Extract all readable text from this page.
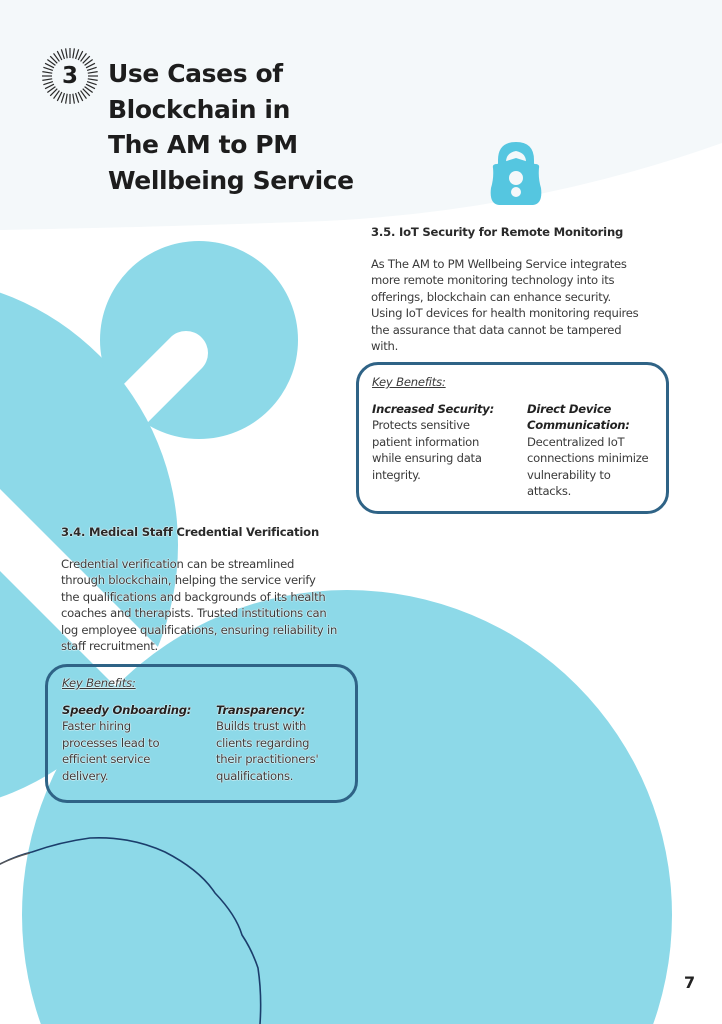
3	Use Cases of
Blockchain in
The AM to PM
Wellbeing Service
3.5. IoT Security for Remote Monitoring

As The AM to PM Wellbeing Service integrates
more remote monitoring technology into its
offerings, blockchain can enhance security.
Using IoT devices for health monitoring requires
the assurance that data cannot be tampered
with.

Key Benefits:
Increased Security:
Protects sensitive
patient information
while ensuring data
integrity.
Direct Device
Communication:
Decentralized IoT
connections minimize
vulnerability to
attacks.
3.4. Medical Staff Credential Verification

Credential verification can be streamlined
through blockchain, helping the service verify
the qualifications and backgrounds of its health
coaches and therapists. Trusted institutions can
log employee qualifications, ensuring reliability in
staff recruitment.

Key Benefits:
Speedy Onboarding:
Faster hiring
processes lead to
efficient service
delivery.
Transparency:
Builds trust with
clients regarding
their practitioners'
qualifications.
7
